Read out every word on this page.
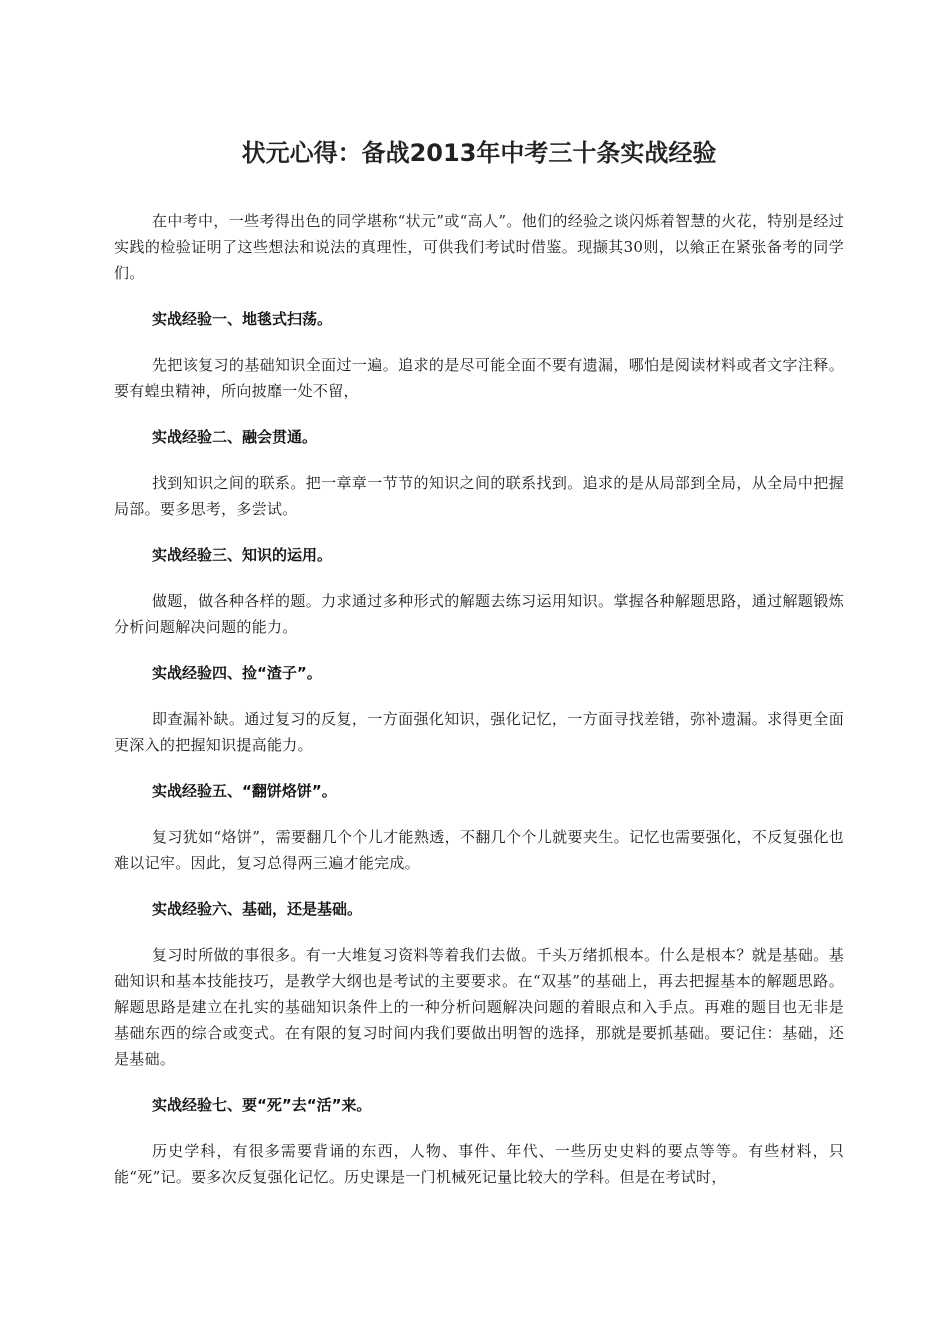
状元心得：备战2013年中考三十条实战经验

在中考中，一些考得出色的同学堪称“状元”或“高人”。他们的经验之谈闪烁着智慧的火花，特别是经过实践的检验证明了这些想法和说法的真理性，可供我们考试时借鉴。现撷其30则，以飨正在紧张备考的同学们。

实战经验一、地毯式扫荡。

先把该复习的基础知识全面过一遍。追求的是尽可能全面不要有遗漏，哪怕是阅读材料或者文字注释。要有蝗虫精神，所向披靡一处不留，

实战经验二、融会贯通。

找到知识之间的联系。把一章章一节节的知识之间的联系找到。追求的是从局部到全局，从全局中把握局部。要多思考，多尝试。

实战经验三、知识的运用。

做题，做各种各样的题。力求通过多种形式的解题去练习运用知识。掌握各种解题思路，通过解题锻炼分析问题解决问题的能力。

实战经验四、捡“渣子”。

即查漏补缺。通过复习的反复，一方面强化知识，强化记忆，一方面寻找差错，弥补遗漏。求得更全面更深入的把握知识提高能力。

实战经验五、“翻饼烙饼”。

复习犹如“烙饼”，需要翻几个个儿才能熟透，不翻几个个儿就要夹生。记忆也需要强化，不反复强化也难以记牢。因此，复习总得两三遍才能完成。

实战经验六、基础，还是基础。

复习时所做的事很多。有一大堆复习资料等着我们去做。千头万绪抓根本。什么是根本？就是基础。基础知识和基本技能技巧，是教学大纲也是考试的主要要求。在“双基”的基础上，再去把握基本的解题思路。解题思路是建立在扎实的基础知识条件上的一种分析问题解决问题的着眼点和入手点。再难的题目也无非是基础东西的综合或变式。在有限的复习时间内我们要做出明智的选择，那就是要抓基础。要记住：基础，还是基础。

实战经验七、要“死”去“活”来。

历史学科，有很多需要背诵的东西，人物、事件、年代、一些历史史料的要点等等。有些材料，只能“死”记。要多次反复强化记忆。历史课是一门机械死记量比较大的学科。但是在考试时，
